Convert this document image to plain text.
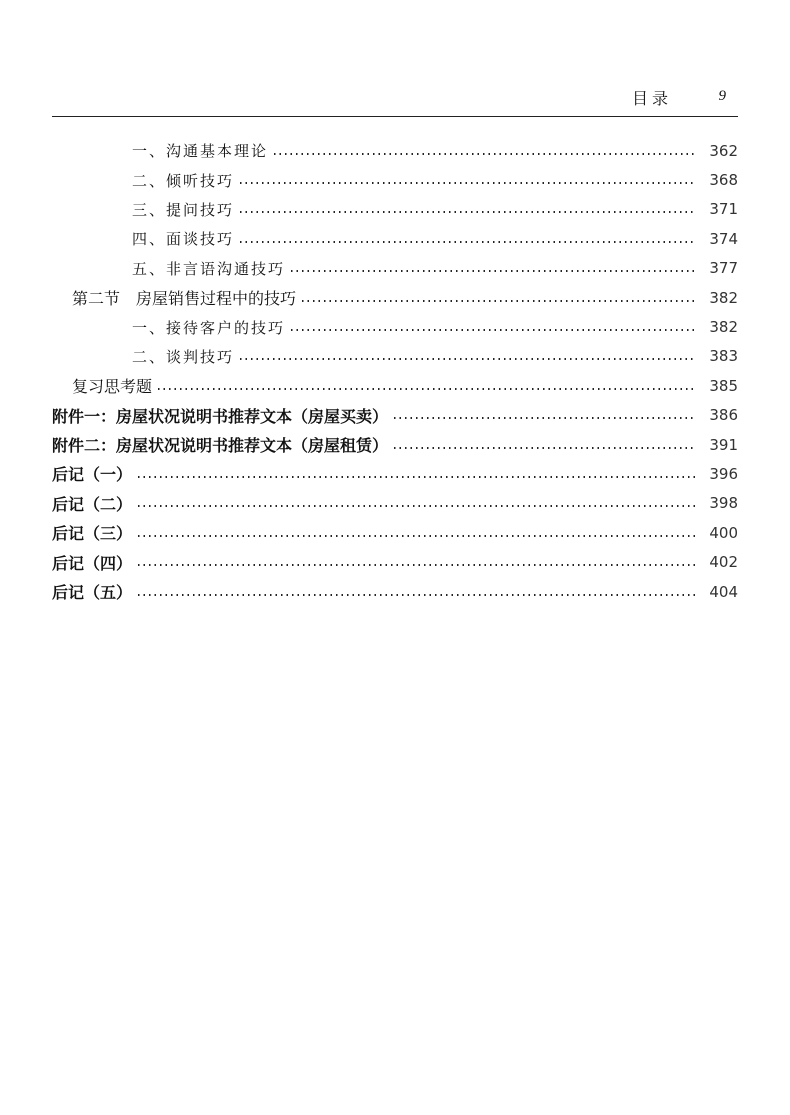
目录	9
一、沟通基本理论	362
二、倾听技巧	368
三、提问技巧	371
四、面谈技巧	374
五、非言语沟通技巧	377
第二节　房屋销售过程中的技巧	382
一、接待客户的技巧	382
二、谈判技巧	383
复习思考题	385
附件一：房屋状况说明书推荐文本（房屋买卖）	386
附件二：房屋状况说明书推荐文本（房屋租赁）	391
后记（一）	396
后记（二）	398
后记（三）	400
后记（四）	402
后记（五）	404
